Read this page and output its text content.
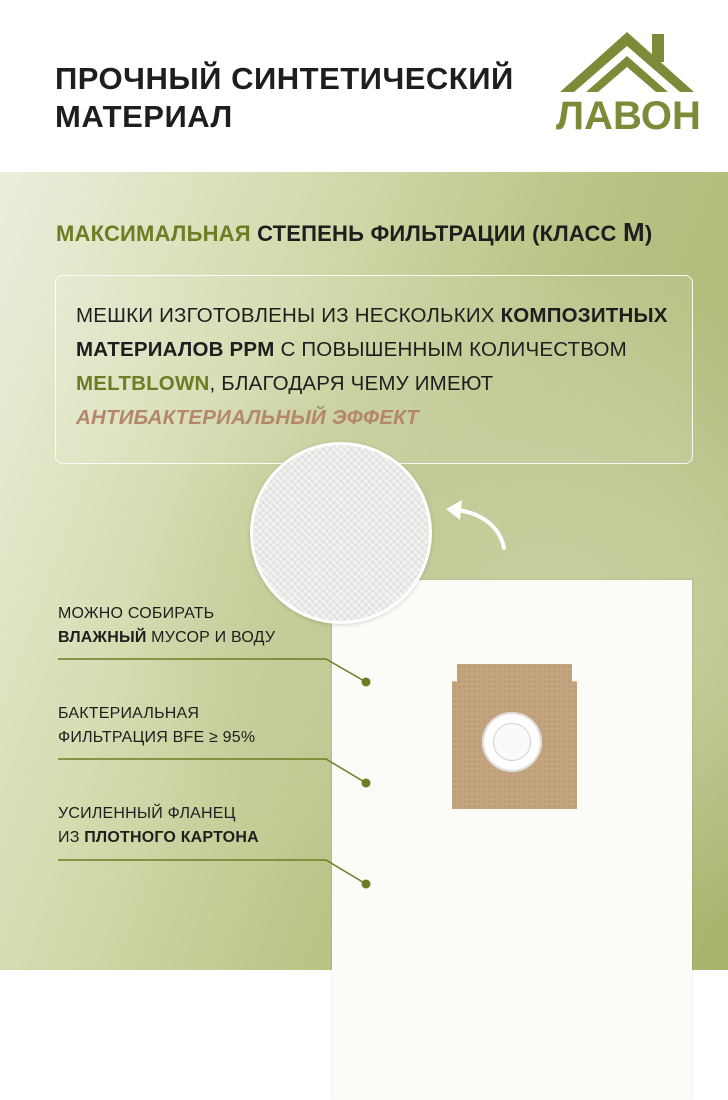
ПРОЧНЫЙ СИНТЕТИЧЕСКИЙ
МАТЕРИАЛ	ЛАВОН
МАКСИМАЛЬНАЯ СТЕПЕНЬ ФИЛЬТРАЦИИ (КЛАСС M)

МЕШКИ ИЗГОТОВЛЕНЫ ИЗ НЕСКОЛЬКИХ КОМПОЗИТНЫХ МАТЕРИАЛОВ PPM С ПОВЫШЕННЫМ КОЛИЧЕСТВОМ MELTBLOWN, БЛАГОДАРЯ ЧЕМУ ИМЕЮТ АНТИБАКТЕРИАЛЬНЫЙ ЭФФЕКТ

МОЖНО СОБИРАТЬ
ВЛАЖНЫЙ МУСОР И ВОДУ

БАКТЕРИАЛЬНАЯ
ФИЛЬТРАЦИЯ BFE ≥ 95%

УСИЛЕННЫЙ ФЛАНЕЦ
ИЗ ПЛОТНОГО КАРТОНА
